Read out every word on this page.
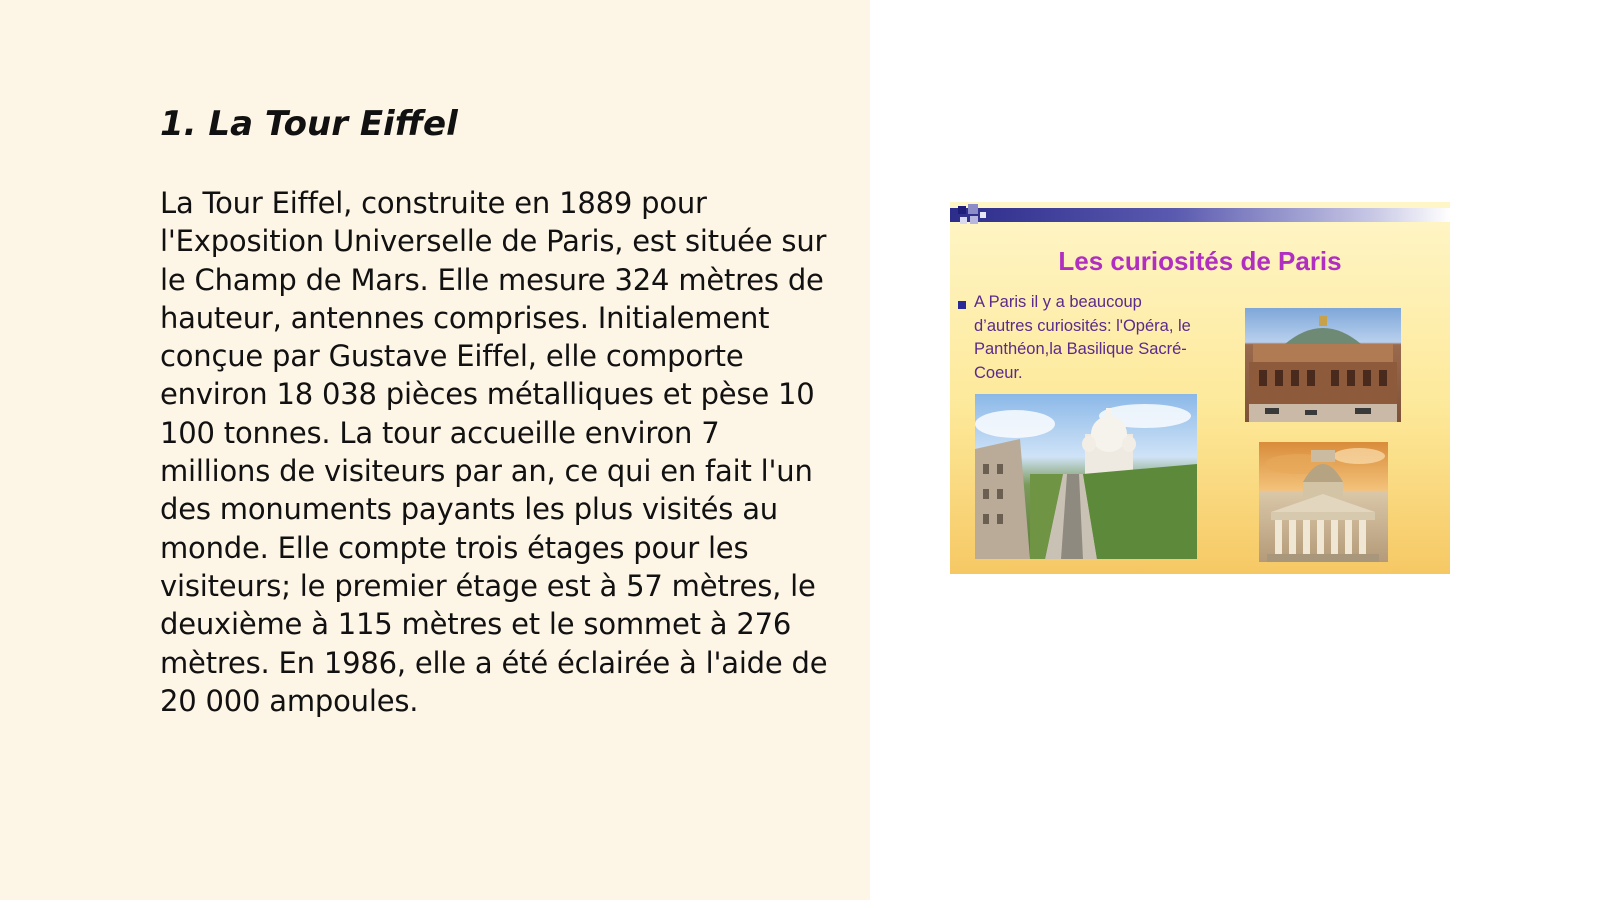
1. La Tour Eiffel

La Tour Eiffel, construite en 1889 pour l'Exposition Universelle de Paris, est située sur le Champ de Mars. Elle mesure 324 mètres de hauteur, antennes comprises. Initialement conçue par Gustave Eiffel, elle comporte environ 18 038 pièces métalliques et pèse 10 100 tonnes. La tour accueille environ 7 millions de visiteurs par an, ce qui en fait l'un des monuments payants les plus visités au monde. Elle compte trois étages pour les visiteurs; le premier étage est à 57 mètres, le deuxième à 115 mètres et le sommet à 276 mètres. En 1986, elle a été éclairée à l'aide de 20 000 ampoules.

Les curiosités de Paris

A Paris il y a beaucoup d’autres curiosités: l'Opéra, le Panthéon,la Basilique Sacré-Coeur.
